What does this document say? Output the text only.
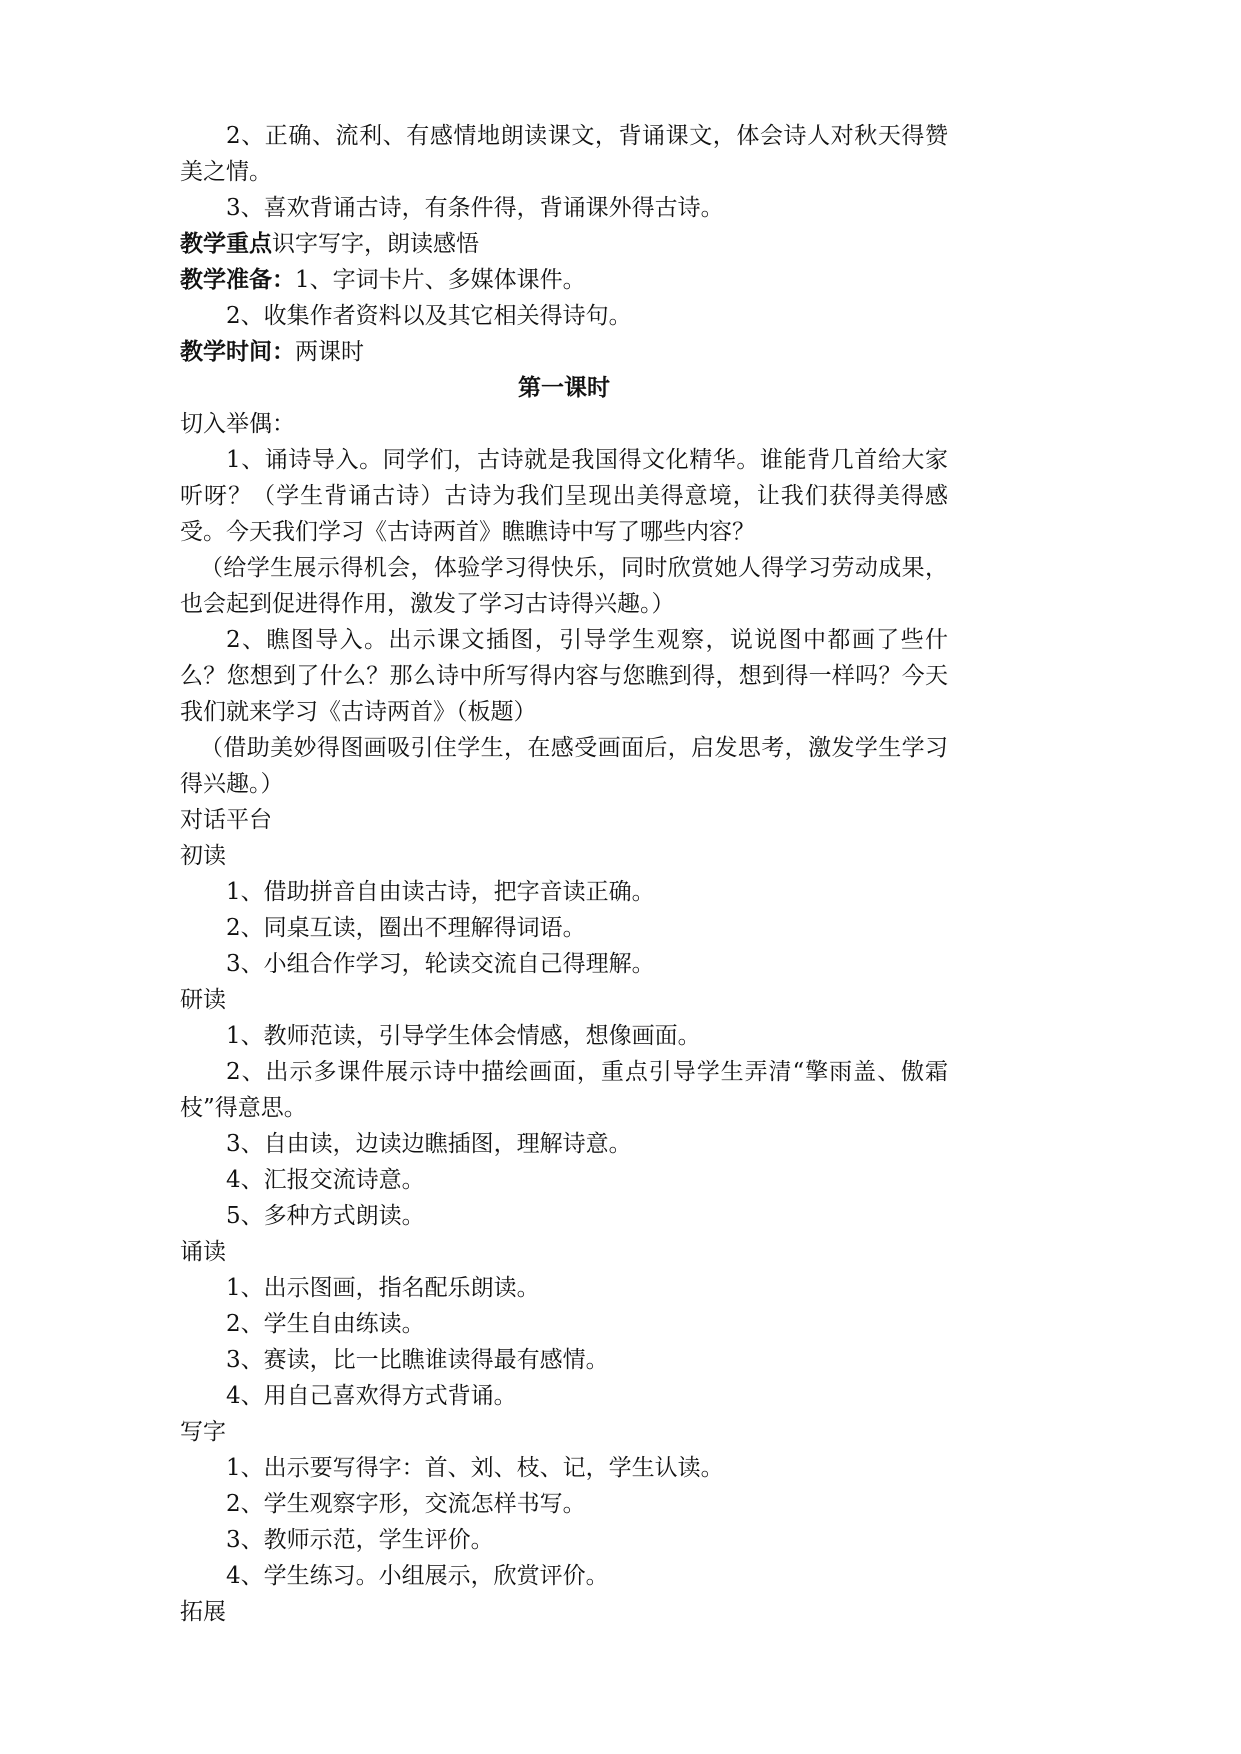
2、正确、流利、有感情地朗读课文，背诵课文，体会诗人对秋天得赞美之情。

3、喜欢背诵古诗，有条件得，背诵课外得古诗。

教学重点识字写字，朗读感悟

教学准备：1、字词卡片、多媒体课件。

2、收集作者资料以及其它相关得诗句。

教学时间：两课时

第一课时

切入举偶：

1、诵诗导入。同学们，古诗就是我国得文化精华。谁能背几首给大家听呀？（学生背诵古诗）古诗为我们呈现出美得意境，让我们获得美得感受。今天我们学习《古诗两首》瞧瞧诗中写了哪些内容？

（给学生展示得机会，体验学习得快乐，同时欣赏她人得学习劳动成果，也会起到促进得作用，激发了学习古诗得兴趣。）

2、瞧图导入。出示课文插图，引导学生观察，说说图中都画了些什么？您想到了什么？那么诗中所写得内容与您瞧到得，想到得一样吗？今天我们就来学习《古诗两首》（板题）

（借助美妙得图画吸引住学生，在感受画面后，启发思考，激发学生学习得兴趣。）

对话平台

初读

1、借助拼音自由读古诗，把字音读正确。

2、同桌互读，圈出不理解得词语。

3、小组合作学习，轮读交流自己得理解。

研读

1、教师范读，引导学生体会情感，想像画面。

2、出示多课件展示诗中描绘画面，重点引导学生弄清“擎雨盖、傲霜枝”得意思。

3、自由读，边读边瞧插图，理解诗意。

4、汇报交流诗意。

5、多种方式朗读。

诵读

1、出示图画，指名配乐朗读。

2、学生自由练读。

3、赛读，比一比瞧谁读得最有感情。

4、用自己喜欢得方式背诵。

写字

1、出示要写得字：首、刘、枝、记，学生认读。

2、学生观察字形，交流怎样书写。

3、教师示范，学生评价。

4、学生练习。小组展示，欣赏评价。

拓展
